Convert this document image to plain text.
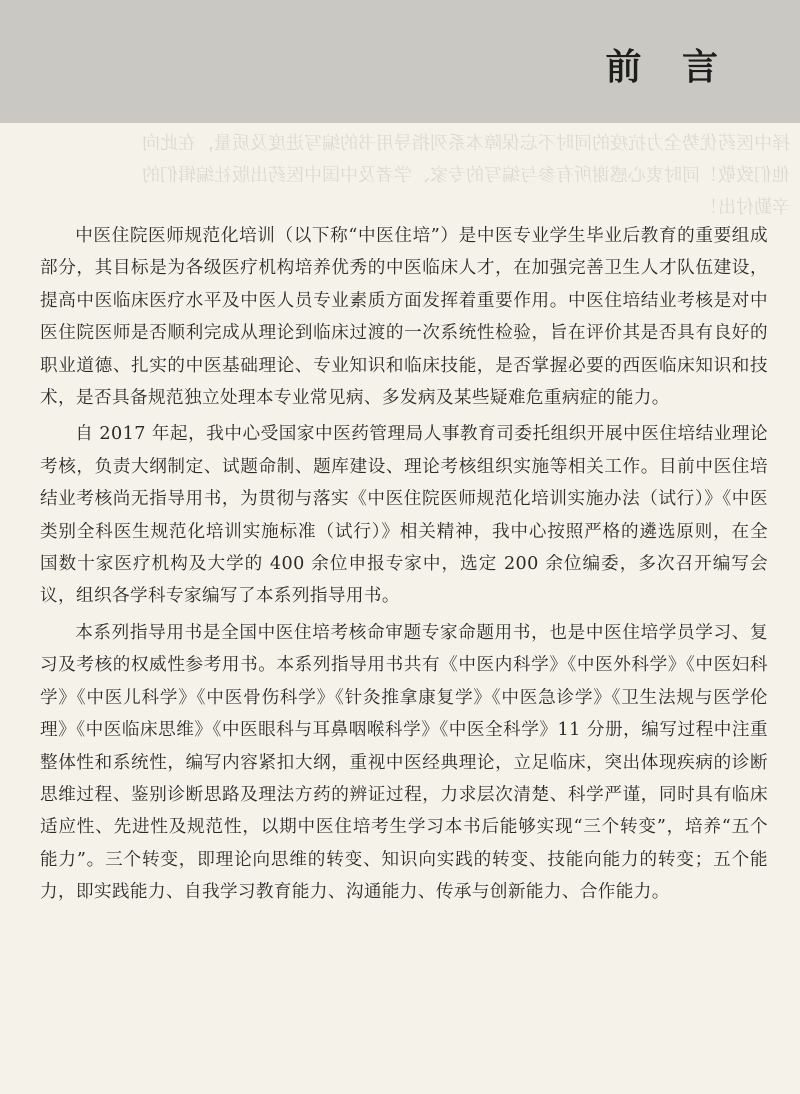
择中医药优势全力抗疫的同时不忘保障本系列指导用书的编写进度及质量，在此向
他们致敬！同时衷心感谢所有参与编写的专家、学者及中国中医药出版社编辑们的
辛勤付出！
前 言

中医住院医师规范化培训（以下称“中医住培”）是中医专业学生毕业后教育的重要组成部分，其目标是为各级医疗机构培养优秀的中医临床人才，在加强完善卫生人才队伍建设，提高中医临床医疗水平及中医人员专业素质方面发挥着重要作用。中医住培结业考核是对中医住院医师是否顺利完成从理论到临床过渡的一次系统性检验，旨在评价其是否具有良好的职业道德、扎实的中医基础理论、专业知识和临床技能，是否掌握必要的西医临床知识和技术，是否具备规范独立处理本专业常见病、多发病及某些疑难危重病症的能力。

自 2017 年起，我中心受国家中医药管理局人事教育司委托组织开展中医住培结业理论考核，负责大纲制定、试题命制、题库建设、理论考核组织实施等相关工作。目前中医住培结业考核尚无指导用书，为贯彻与落实《中医住院医师规范化培训实施办法（试行）》《中医类别全科医生规范化培训实施标准（试行）》相关精神，我中心按照严格的遴选原则，在全国数十家医疗机构及大学的 400 余位申报专家中，选定 200 余位编委，多次召开编写会议，组织各学科专家编写了本系列指导用书。

本系列指导用书是全国中医住培考核命审题专家命题用书，也是中医住培学员学习、复习及考核的权威性参考用书。本系列指导用书共有《中医内科学》《中医外科学》《中医妇科学》《中医儿科学》《中医骨伤科学》《针灸推拿康复学》《中医急诊学》《卫生法规与医学伦理》《中医临床思维》《中医眼科与耳鼻咽喉科学》《中医全科学》11 分册，编写过程中注重整体性和系统性，编写内容紧扣大纲，重视中医经典理论，立足临床，突出体现疾病的诊断思维过程、鉴别诊断思路及理法方药的辨证过程，力求层次清楚、科学严谨，同时具有临床适应性、先进性及规范性，以期中医住培考生学习本书后能够实现“三个转变”，培养“五个能力”。三个转变，即理论向思维的转变、知识向实践的转变、技能向能力的转变；五个能力，即实践能力、自我学习教育能力、沟通能力、传承与创新能力、合作能力。
